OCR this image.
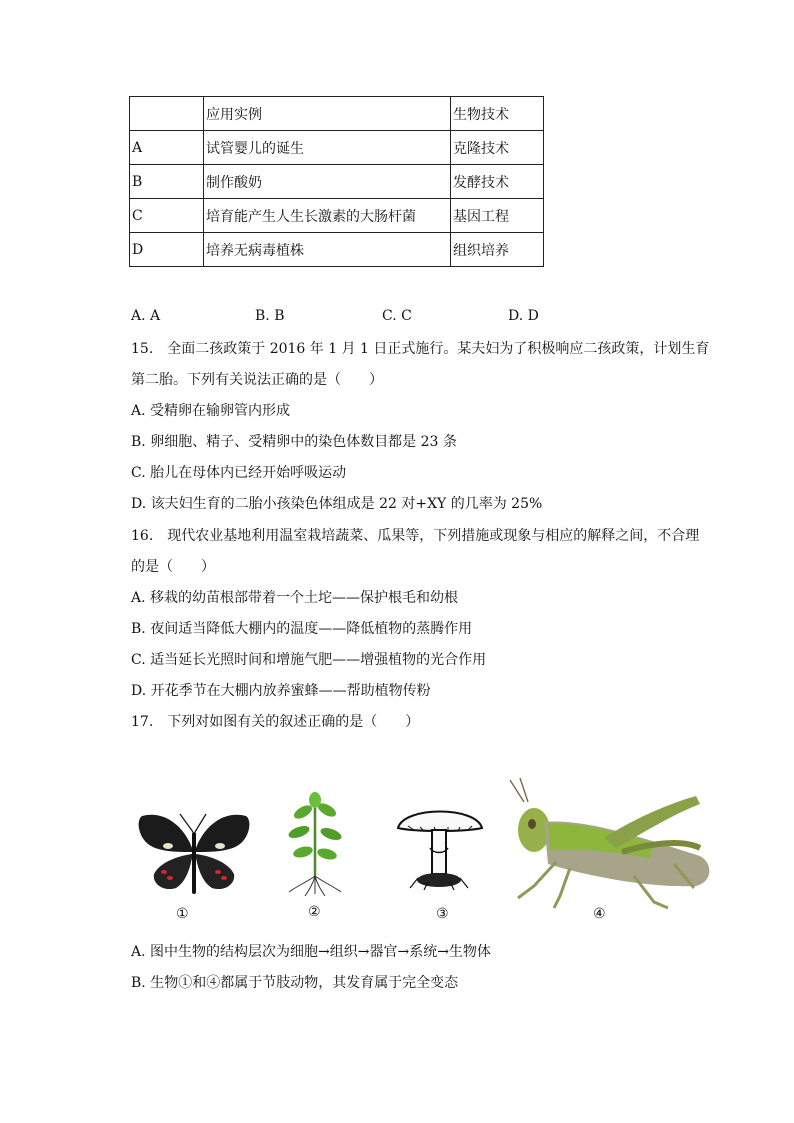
	应用实例	生物技术
A	试管婴儿的诞生	克隆技术
B	制作酸奶	发酵技术
C	培育能产生人生长激素的大肠杆菌	基因工程
D	培养无病毒植株	组织培养
A. A	B. B	C. C	D. D
15.　全面二孩政策于 2016 年 1 月 1 日正式施行。某夫妇为了积极响应二孩政策，计划生育
第二胎。下列有关说法正确的是（　　）
A. 受精卵在输卵管内形成
B. 卵细胞、精子、受精卵中的染色体数目都是 23 条
C. 胎儿在母体内已经开始呼吸运动
D. 该夫妇生育的二胎小孩染色体组成是 22 对+XY 的几率为 25%
16.　现代农业基地利用温室栽培蔬菜、瓜果等，下列措施或现象与相应的解释之间，不合理
的是（　　）
A. 移栽的幼苗根部带着一个土坨——保护根毛和幼根
B. 夜间适当降低大棚内的温度——降低植物的蒸腾作用
C. 适当延长光照时间和增施气肥——增强植物的光合作用
D. 开花季节在大棚内放养蜜蜂——帮助植物传粉
17.　下列对如图有关的叙述正确的是（　　）
①	②	③	④
A. 图中生物的结构层次为细胞→组织→器官→系统→生物体
B. 生物①和④都属于节肢动物，其发育属于完全变态
